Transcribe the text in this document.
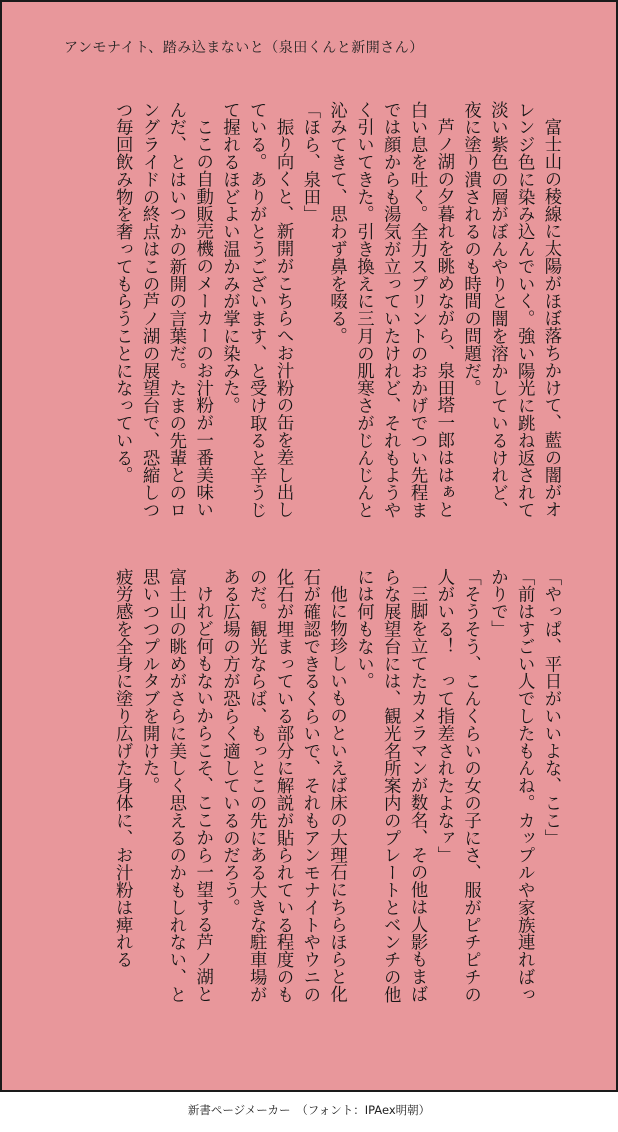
アンモナイト、踏み込まないと（泉田くんと新開さん）

富士山の稜線に太陽がほぼ落ちかけて、藍の闇がオレンジ色に染み込んでいく。強い陽光に跳ね返されて淡い紫色の層がぼんやりと闇を溶かしているけれど、夜に塗り潰されるのも時間の問題だ。

芦ノ湖の夕暮れを眺めながら、泉田塔一郎ははぁと白い息を吐く。全力スプリントのおかげでつい先程までは顔からも湯気が立っていたけれど、それもようやく引いてきた。引き換えに三月の肌寒さがじんじんと沁みてきて、思わず鼻を啜る。

「ほら、泉田」

振り向くと、新開がこちらへお汁粉の缶を差し出している。ありがとうございます、と受け取ると辛うじて握れるほどよい温かみが掌に染みた。

ここの自動販売機のメーカーのお汁粉が一番美味いんだ、とはいつかの新開の言葉だ。たまの先輩とのロングライドの終点はこの芦ノ湖の展望台で、恐縮しつつ毎回飲み物を奢ってもらうことになっている。

「やっぱ、平日がいいよな、ここ」

「前はすごい人でしたもんね。カップルや家族連ればっかりで」

「そうそう、こんくらいの女の子にさ、服がピチピチの人がいる！　って指差されたよなァ」

三脚を立てたカメラマンが数名、その他は人影もまばらな展望台には、観光名所案内のプレートとベンチの他には何もない。

他に物珍しいものといえば床の大理石にちらほらと化石が確認できるくらいで、それもアンモナイトやウニの化石が埋まっている部分に解説が貼られている程度のものだ。観光ならば、もっとこの先にある大きな駐車場がある広場の方が恐らく適しているのだろう。

けれど何もないからこそ、ここから一望する芦ノ湖と富士山の眺めがさらに美しく思えるのかもしれない、と思いつつプルタブを開けた。

疲労感を全身に塗り広げた身体に、お汁粉は痺れる

新書ページメーカー　（フォント：IPAex明朝）
